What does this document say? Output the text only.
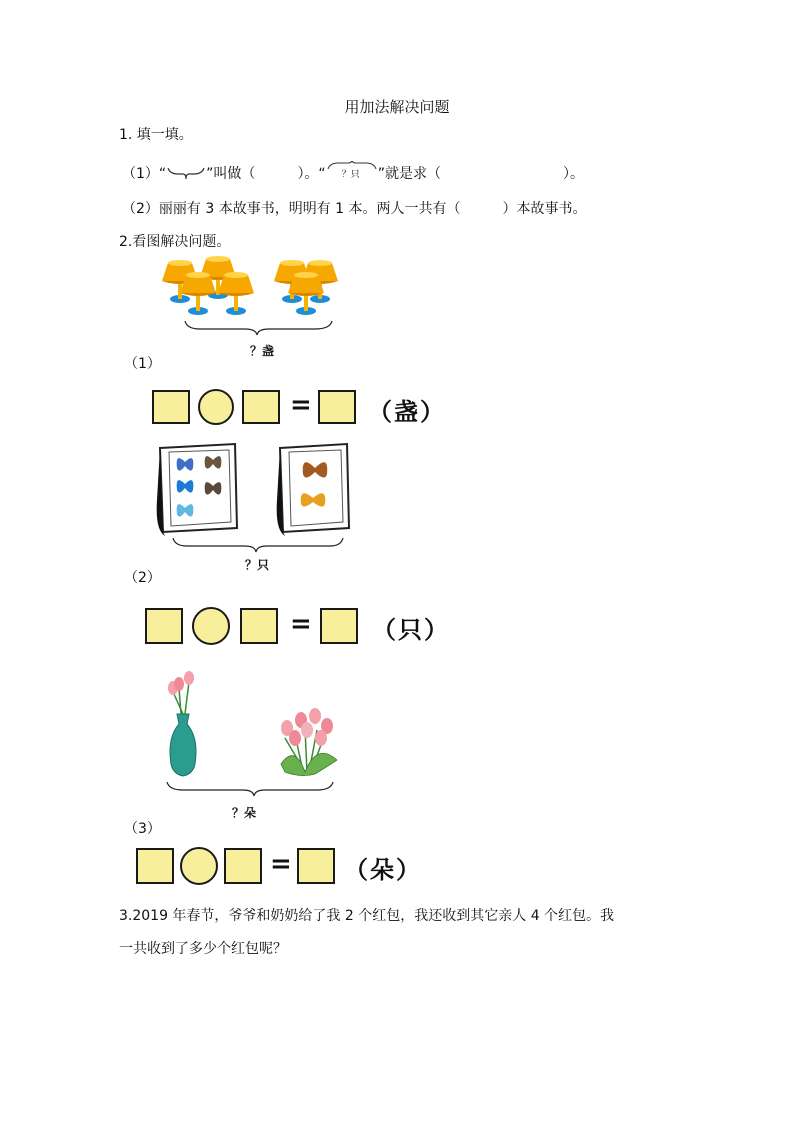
用加法解决问题
1. 填一填。
（1）“	”叫做（	）。“ ？只 ”就是求（	）。
（2）丽丽有 3 本故事书，明明有 1 本。两人一共有（　　　）本故事书。
2.看图解决问题。
？盏
（1）
= （盏）
？只
（2）
=	（只）
？朵
（3）
= （朵）
3.2019 年春节，爷爷和奶奶给了我 2 个红包，我还收到其它亲人 4 个红包。我
一共收到了多少个红包呢？
